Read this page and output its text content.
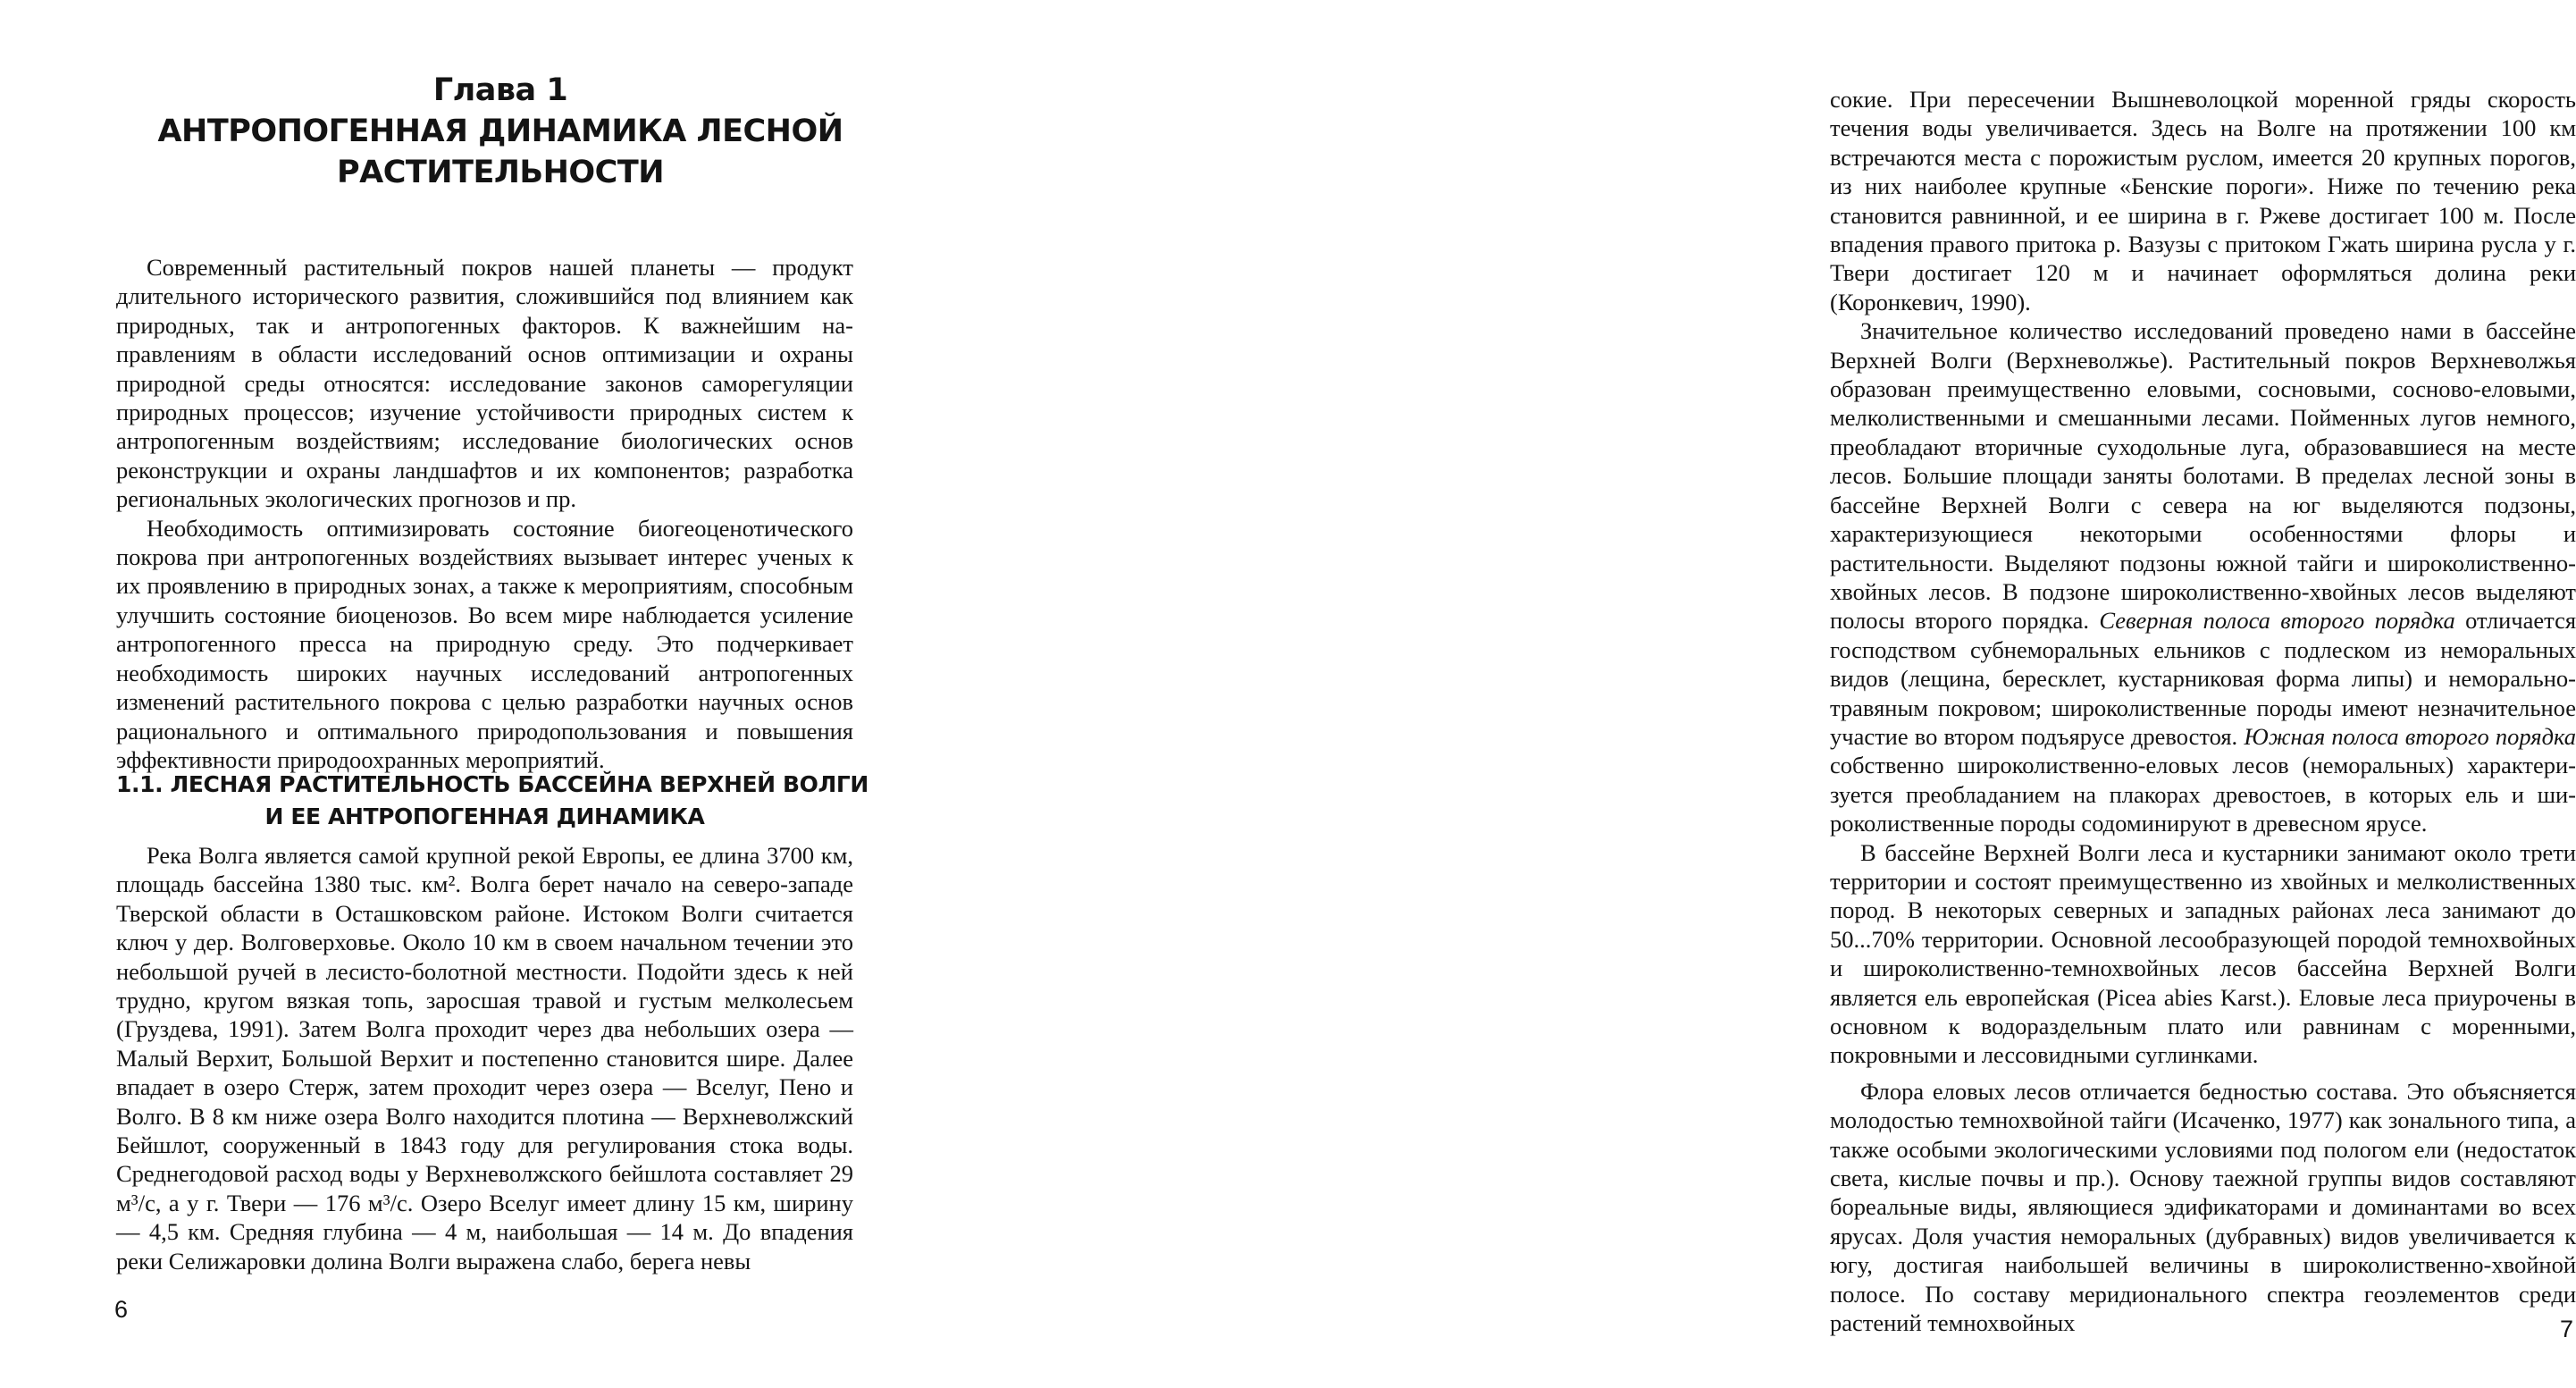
Глава 1
АНТРОПОГЕННАЯ ДИНАМИКА ЛЕСНОЙ
РАСТИТЕЛЬНОСТИ

Современный растительный покров нашей планеты — продукт длительного исторического развития, сложившийся под влиянием как природных, так и антропогенных факторов. К важнейшим направлениям в области исследований основ оптимизации и охраны природной среды относятся: исследование законов саморегуляции природных процессов; изучение устойчивости природных систем к антропогенным воздействиям; исследование биологических основ реконструкции и охраны ландшафтов и их компонентов; разработка региональных экологических прогнозов и пр.

Необходимость оптимизировать состояние биогеоценотического покрова при антропогенных воздействиях вызывает интерес ученых к их проявлению в природных зонах, а также к мероприятиям, способным улучшить состояние биоценозов. Во всем мире наблюдается усиление антропогенного пресса на природную среду. Это подчеркивает необходимость широких научных исследований антропогенных изменений растительного покрова с целью разработки научных основ рационального и оптимального природопользования и повышения эффективности природоохранных мероприятий.

1.1. ЛЕСНАЯ РАСТИТЕЛЬНОСТЬ БАССЕЙНА ВЕРХНЕЙ ВОЛГИ
И ЕЕ АНТРОПОГЕННАЯ ДИНАМИКА

Река Волга является самой крупной рекой Европы, ее длина 3700 км, площадь бассейна 1380 тыс. км². Волга берет начало на северо-западе Тверской области в Осташковском районе. Истоком Волги считается ключ у дер. Волговерховье. Около 10 км в своем начальном течении это небольшой ручей в лесисто-болотной местности. Подойти здесь к ней трудно, кругом вязкая топь, заросшая травой и густым мелколесьем (Груздева, 1991). Затем Волга проходит через два небольших озера — Малый Верхит, Большой Верхит и постепенно становится шире. Далее впадает в озеро Стерж, затем проходит через озера — Вселуг, Пено и Волго. В 8 км ниже озера Волго находится плотина — Верхневолжский Бейшлот, сооруженный в 1843 году для регулирования стока воды. Среднегодовой расход воды у Верхневолжского бейшлота составляет 29 м³/с, а у г. Твери — 176 м³/с. Озеро Вселуг имеет длину 15 км, ширину — 4,5 км. Средняя глубина — 4 м, наибольшая — 14 м. До впадения реки Селижаровки долина Волги выражена слабо, берега невы

6

сокие. При пересечении Вышневолоцкой моренной гряды скорость течения воды увеличивается. Здесь на Волге на протяжении 100 км встречаются места с порожистым руслом, имеется 20 крупных порогов, из них наиболее крупные «Бенские пороги». Ниже по течению река становится равнинной, и ее ширина в г. Ржеве достигает 100 м. После впадения правого притока р. Вазузы с притоком Гжать ширина русла у г. Твери достигает 120 м и начинает оформляться долина реки (Коронкевич, 1990).

Значительное количество исследований проведено нами в бассейне Верхней Волги (Верхневолжье). Растительный покров Верхневолжья образован преимущественно еловыми, сосновыми, сосново-еловыми, мелколиственными и смешанными лесами. Пойменных лугов немного, преобладают вторичные суходольные луга, образовавшиеся на месте лесов. Большие площади заняты болотами. В пределах лесной зоны в бассейне Верхней Волги с севера на юг выделяются подзоны, характеризующиеся некоторыми особенностями флоры и растительности. Выделяют подзоны южной тайги и широколиственно-хвойных лесов. В подзоне широколиственно-хвойных лесов выделяют полосы второго порядка. Северная полоса второго порядка отличается господством субнеморальных ельников с подлеском из неморальных видов (лещина, бересклет, кустарниковая форма липы) и неморально-травяным покровом; широколиственные породы имеют незначительное участие во втором подъярусе древостоя. Южная полоса второго порядка собственно широколиственно-еловых лесов (неморальных) характеризуется преобладанием на плакорах древостоев, в которых ель и широколиственные породы содоминируют в древесном ярусе.

В бассейне Верхней Волги леса и кустарники занимают около трети территории и состоят преимущественно из хвойных и мелколиственных пород. В некоторых северных и западных районах леса занимают до 50...70% территории. Основной лесообразующей породой темнохвойных и широколиственно-темнохвойных лесов бассейна Верхней Волги является ель европейская (Picea abies Karst.). Еловые леса приурочены в основном к водораздельным плато или равнинам с моренными, покровными и лессовидными суглинками.

Флора еловых лесов отличается бедностью состава. Это объясняется молодостью темнохвойной тайги (Исаченко, 1977) как зонального типа, а также особыми экологическими условиями под пологом ели (недостаток света, кислые почвы и пр.). Основу таежной группы видов составляют бореальные виды, являющиеся эдификаторами и доминантами во всех ярусах. Доля участия неморальных (дубравных) видов увеличивается к югу, достигая наибольшей величины в широколиственно-хвойной полосе. По составу меридионального спектра геоэлементов среди растений темнохвойных	7
